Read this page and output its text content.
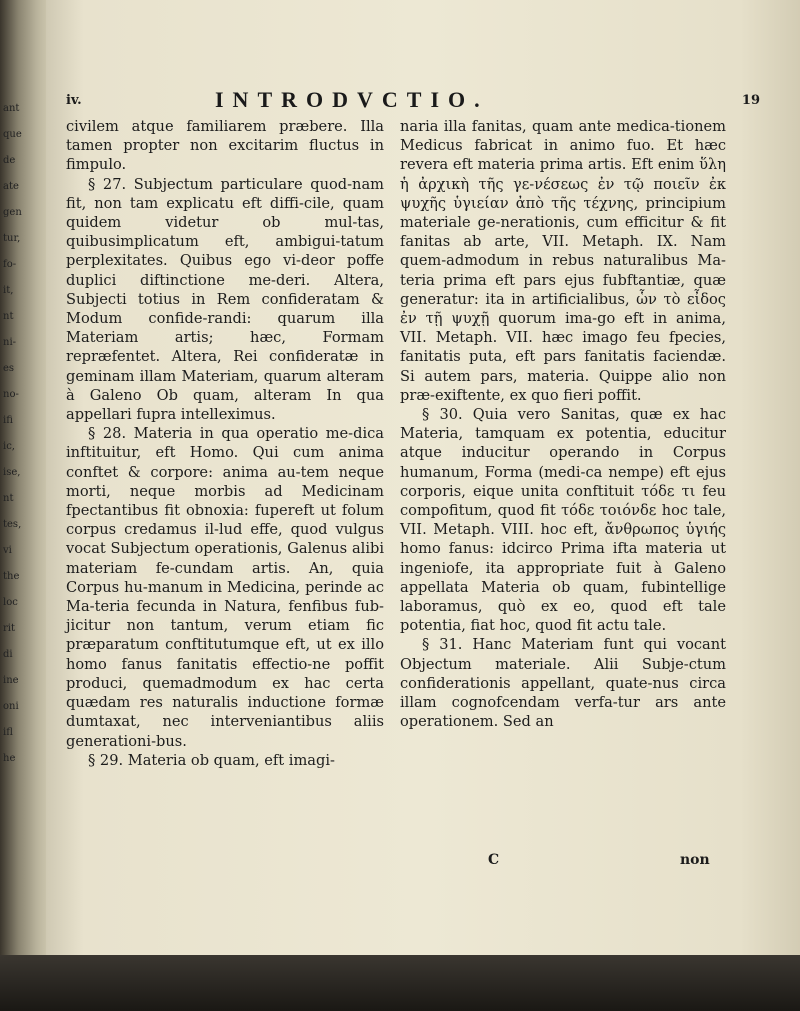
ant
que
de
ate
gen
tur,
fo-
it,
nt
ni-
es
no-
ifi
ic,
ise,
nt
tes,
vi
the
loc
rit
di
ine
oni
ifl
he
iv.	INTRODVCTIO.	19

civilem atque familiarem præbere. Illa tamen propter non excitarim fluctus in fimpulo.

§ 27. Subjectum particulare quod-nam fit, non tam explicatu eft diffi-cile, quam quidem videtur ob mul-tas, quibusimplicatum eft, ambigui-tatum perplexitates. Quibus ego vi-deor poffe duplici diftinctione me-deri. Altera, Subjecti totius in Rem confideratam & Modum confide-randi: quarum illa Materiam artis; hæc, Formam repræfentet. Altera, Rei confideratæ in geminam illam Materiam, quarum alteram à Galeno Ob quam, alteram In qua appellari fupra intelleximus.

§ 28. Materia in qua operatio me-dica inftituitur, eft Homo. Qui cum anima conftet & corpore: anima au-tem neque morti, neque morbis ad Medicinam fpectantibus fit obnoxia: fupereft ut folum corpus credamus il-lud effe, quod vulgus vocat Subjectum operationis, Galenus alibi materiam fe-cundam artis. An, quia Corpus hu-manum in Medicina, perinde ac Ma-teria fecunda in Natura, fenfibus fub-jicitur non tantum, verum etiam fic præparatum conftitutumque eft, ut ex illo homo fanus fanitatis effectio-ne poffit produci, quemadmodum ex hac certa quædam res naturalis inductione formæ dumtaxat, nec interveniantibus aliis generationi-bus.

§ 29. Materia ob quam, eft imagi-

naria illa fanitas, quam ante medica-tionem Medicus fabricat in animo fuo. Et hæc revera eft materia prima artis. Eft enim ὕλη ἡ ἀρχικὴ τῆς γε-νέσεως ἐν τῷ ποιεῖν ἐκ ψυχῆς ὑγιείαν ἀπὸ τῆς τέχνης, principium materiale ge-nerationis, cum efficitur & fit fanitas ab arte, VII. Metaph. IX. Nam quem-admodum in rebus naturalibus Ma-teria prima eft pars ejus fubftantiæ, quæ generatur: ita in artificialibus, ὧν τὸ εἶδος ἐν τῇ ψυχῇ quorum ima-go eft in anima, VII. Metaph. VII. hæc imago feu fpecies, fanitatis puta, eft pars fanitatis faciendæ. Si autem pars, materia. Quippe alio non præ-exiftente, ex quo fieri poffit.

§ 30. Quia vero Sanitas, quæ ex hac Materia, tamquam ex potentia, educitur atque inducitur operando in Corpus humanum, Forma (medi-ca nempe) eft ejus corporis, eique unita conftituit τόδε τι feu compofitum, quod fit τόδε τοιόνδε hoc tale, VII. Metaph. VIII. hoc eft, ἄνθρωπος ὑγιής homo fanus: idcirco Prima ifta materia ut ingeniofe, ita appropriate fuit à Galeno appellata Materia ob quam, fubintellige laboramus, quò ex eo, quod eft tale potentia, fiat hoc, quod fit actu tale.

§ 31. Hanc Materiam funt qui vocant Objectum materiale. Alii Subje-ctum confiderationis appellant, quate-nus circa illam cognofcendam verfa-tur ars ante operationem. Sed an

C	non
